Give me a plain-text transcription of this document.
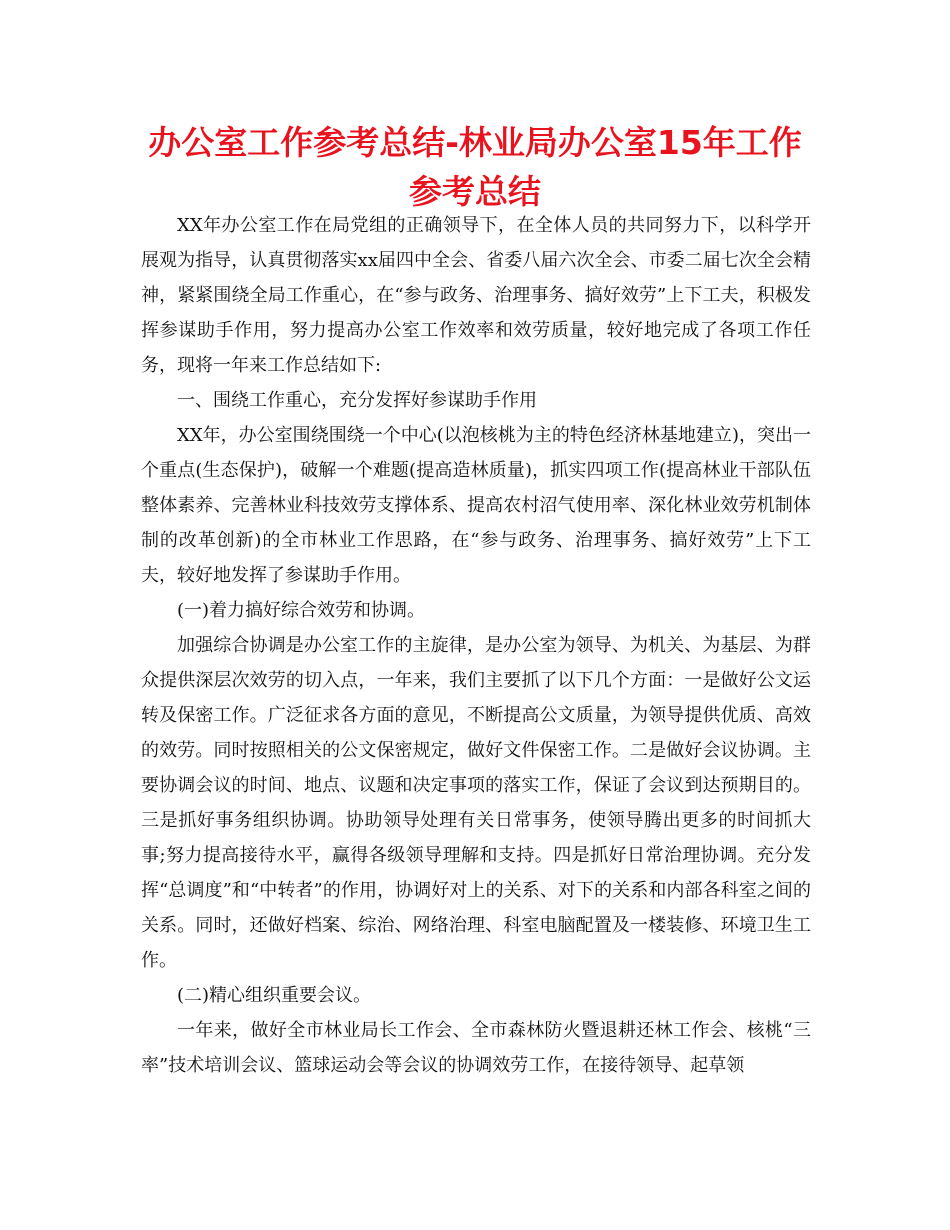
办公室工作参考总结-林业局办公室15年工作参考总结

XX年办公室工作在局党组的正确领导下，在全体人员的共同努力下，以科学开展观为指导，认真贯彻落实xx届四中全会、省委八届六次全会、市委二届七次全会精神，紧紧围绕全局工作重心，在“参与政务、治理事务、搞好效劳”上下工夫，积极发挥参谋助手作用，努力提高办公室工作效率和效劳质量，较好地完成了各项工作任务，现将一年来工作总结如下:

一、围绕工作重心，充分发挥好参谋助手作用

XX年，办公室围绕围绕一个中心(以泡核桃为主的特色经济林基地建立)，突出一个重点(生态保护)，破解一个难题(提高造林质量)，抓实四项工作(提高林业干部队伍整体素养、完善林业科技效劳支撑体系、提高农村沼气使用率、深化林业效劳机制体制的改革创新)的全市林业工作思路，在“参与政务、治理事务、搞好效劳”上下工夫，较好地发挥了参谋助手作用。

(一)着力搞好综合效劳和协调。

加强综合协调是办公室工作的主旋律，是办公室为领导、为机关、为基层、为群众提供深层次效劳的切入点，一年来，我们主要抓了以下几个方面：一是做好公文运转及保密工作。广泛征求各方面的意见，不断提高公文质量，为领导提供优质、高效的效劳。同时按照相关的公文保密规定，做好文件保密工作。二是做好会议协调。主要协调会议的时间、地点、议题和决定事项的落实工作，保证了会议到达预期目的。三是抓好事务组织协调。协助领导处理有关日常事务，使领导腾出更多的时间抓大事;努力提高接待水平，赢得各级领导理解和支持。四是抓好日常治理协调。充分发挥“总调度”和“中转者”的作用，协调好对上的关系、对下的关系和内部各科室之间的关系。同时，还做好档案、综治、网络治理、科室电脑配置及一楼装修、环境卫生工作。

(二)精心组织重要会议。

一年来，做好全市林业局长工作会、全市森林防火暨退耕还林工作会、核桃“三率”技术培训会议、篮球运动会等会议的协调效劳工作，在接待领导、起草领
